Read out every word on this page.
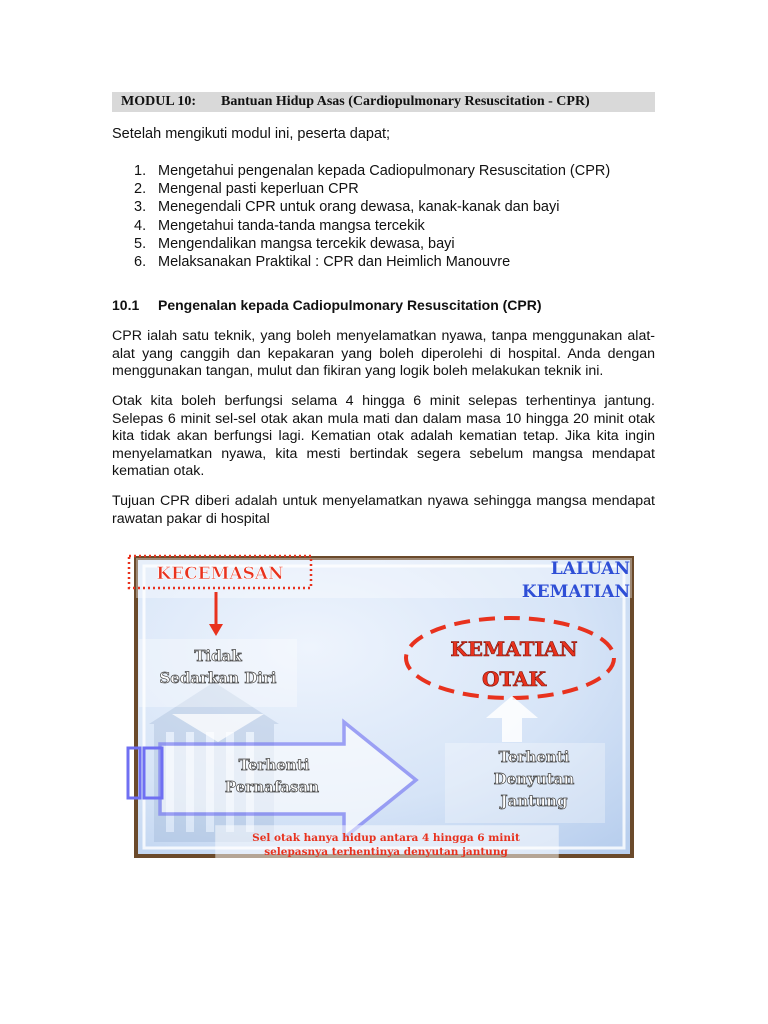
MODUL 10: Bantuan Hidup Asas (Cardiopulmonary Resuscitation - CPR)
Setelah mengikuti modul ini, peserta dapat;
1. Mengetahui pengenalan kepada Cadiopulmonary Resuscitation (CPR)
2. Mengenal pasti keperluan CPR
3. Menegendali CPR untuk orang dewasa, kanak-kanak dan bayi
4. Mengetahui tanda-tanda mangsa tercekik
5. Mengendalikan mangsa tercekik dewasa, bayi
6. Melaksanakan Praktikal : CPR dan Heimlich Manouvre
10.1 Pengenalan kepada Cadiopulmonary Resuscitation (CPR)

CPR ialah satu teknik, yang boleh menyelamatkan nyawa, tanpa menggunakan alat-alat yang canggih dan kepakaran yang boleh diperolehi di hospital. Anda dengan menggunakan tangan, mulut dan fikiran yang logik boleh melakukan teknik ini.

Otak kita boleh berfungsi selama 4 hingga 6 minit selepas terhentinya jantung. Selepas 6 minit sel-sel otak akan mula mati dan dalam masa 10 hingga 20 minit otak kita tidak akan berfungsi lagi. Kematian otak adalah kematian tetap. Jika kita ingin menyelamatkan nyawa, kita mesti bertindak segera sebelum mangsa mendapat kematian otak.

Tujuan CPR diberi adalah untuk menyelamatkan nyawa sehingga mangsa mendapat rawatan pakar di hospital

KECEMASAN	LALUAN
KEMATIAN
Tidak
Sedarkan Diri
KEMATIAN
OTAK
Terhenti
Pernafasan
Terhenti
Denyutan
Jantung
Sel otak hanya hidup antara 4 hingga 6 minit
selepasnya terhentinya denyutan jantung
